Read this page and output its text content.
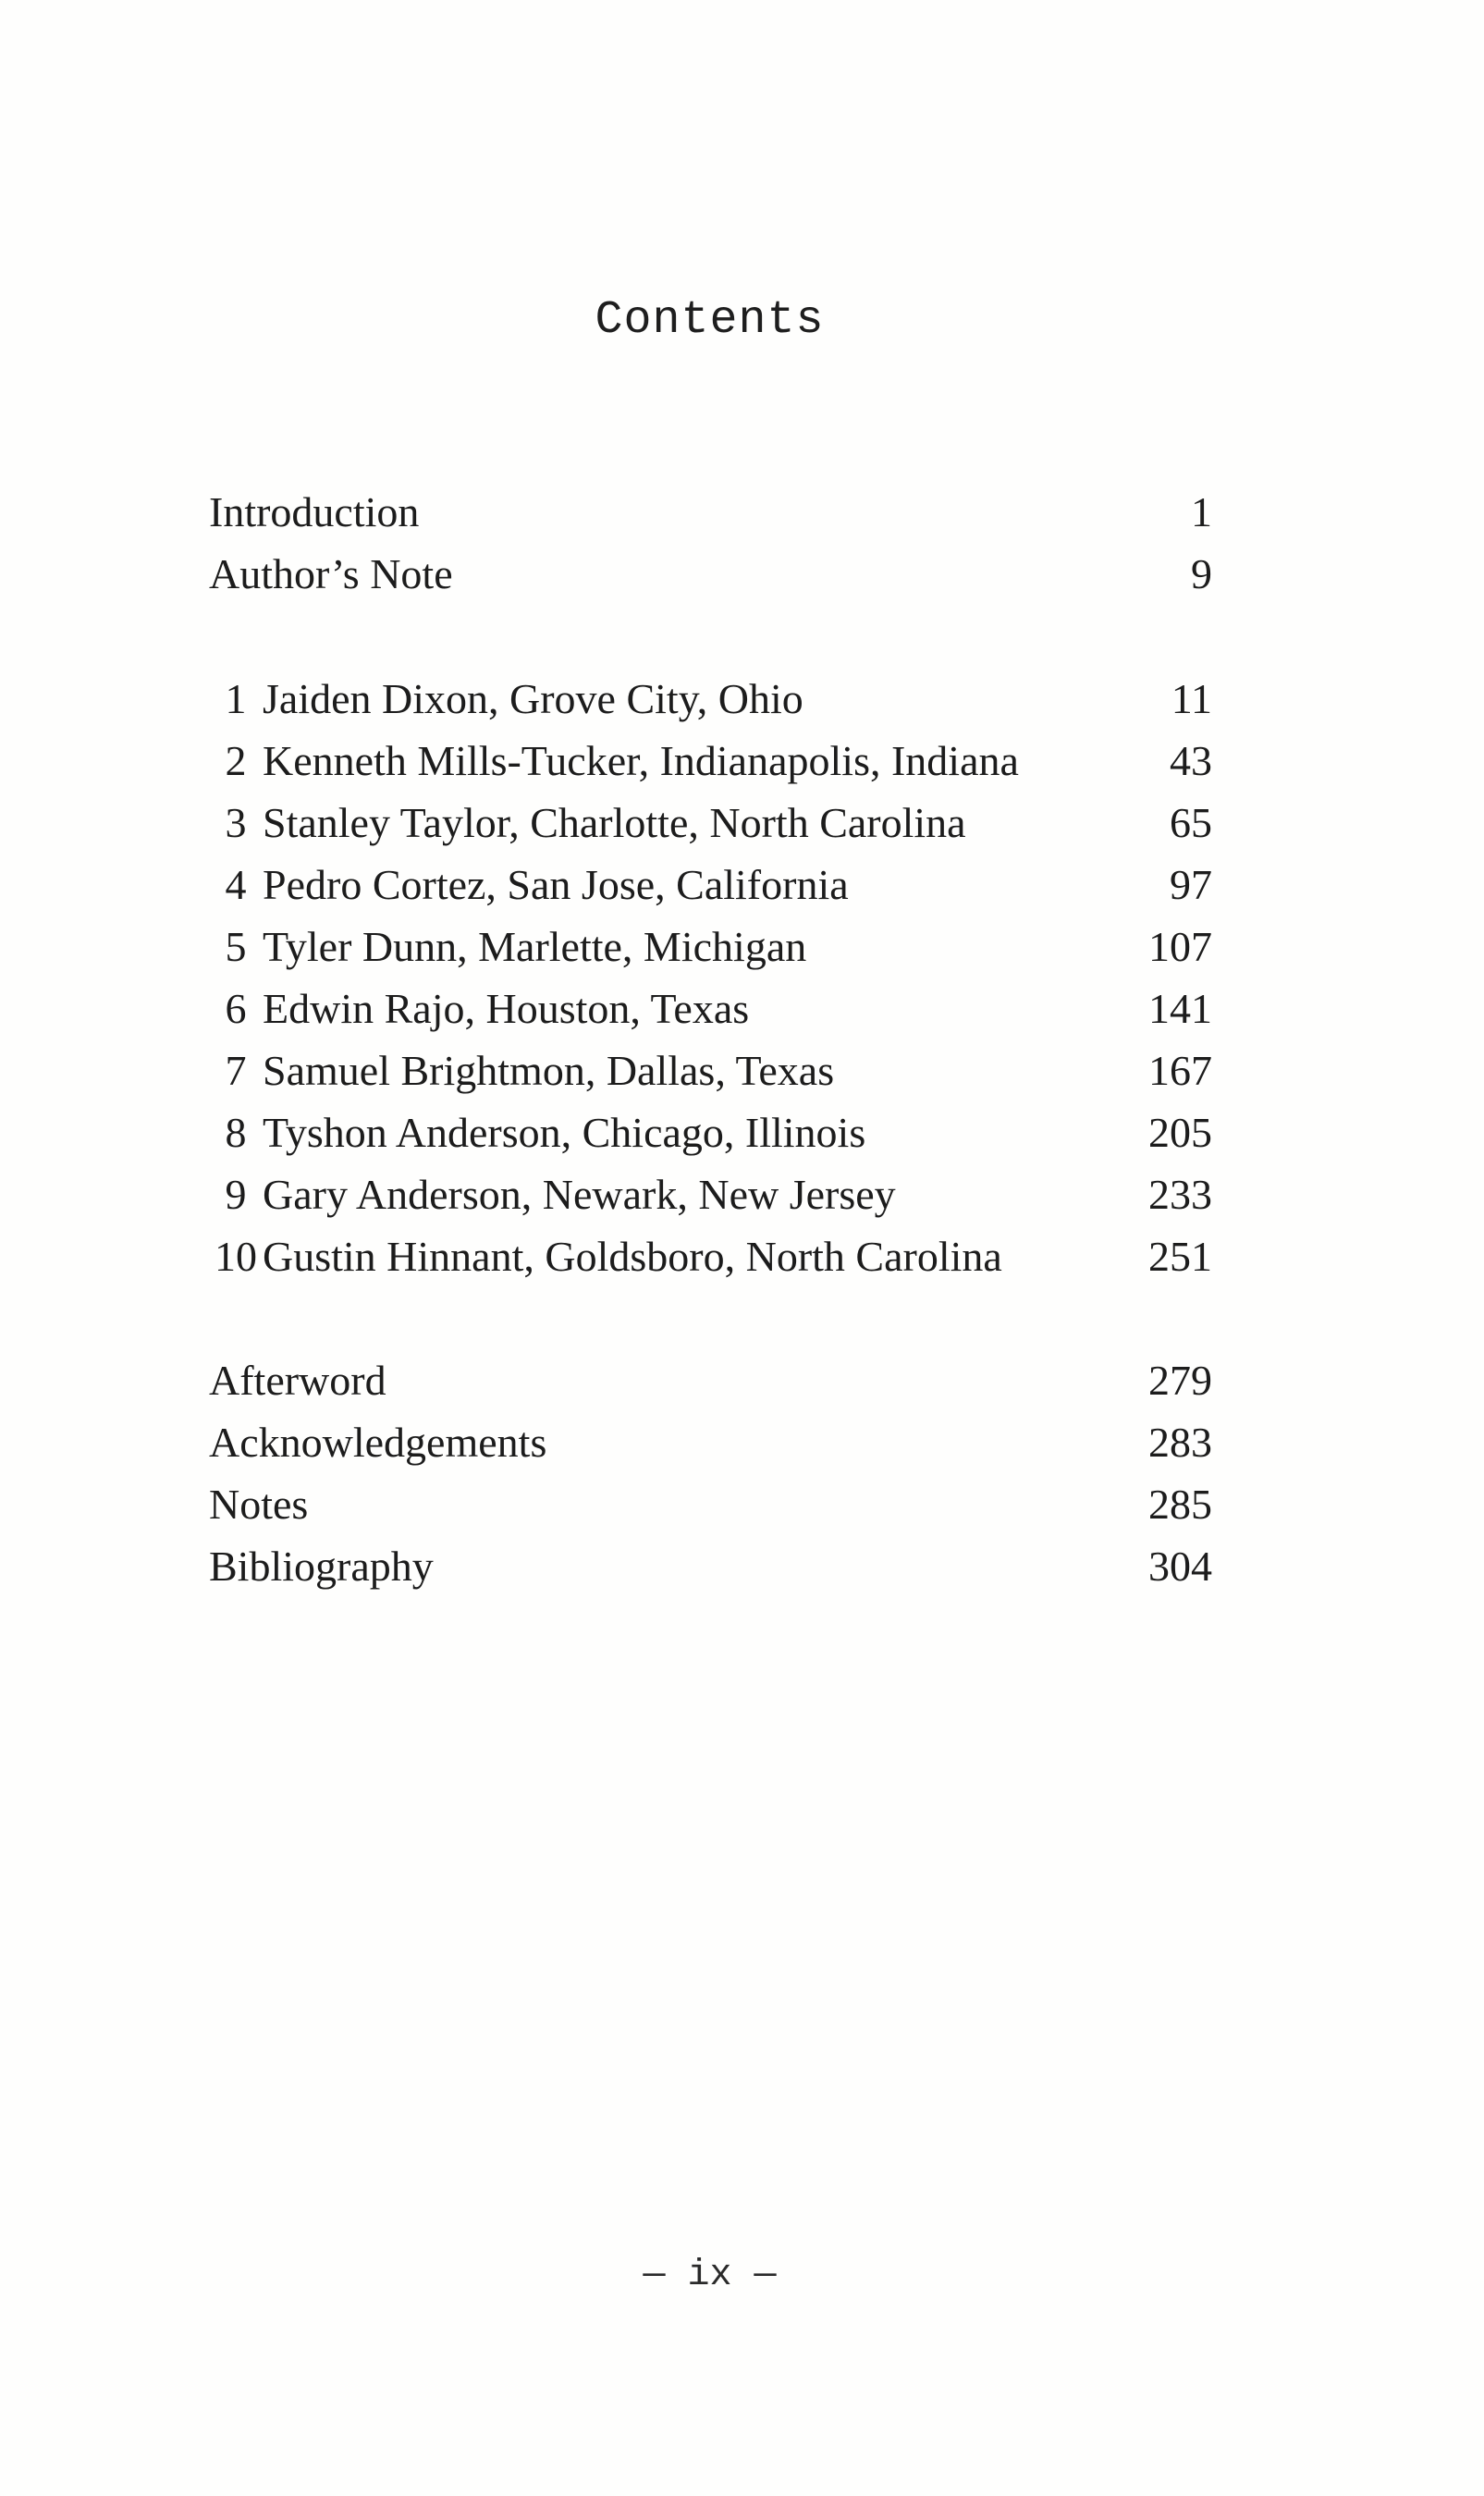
Contents
Introduction	1
Author’s Note	9
1 Jaiden Dixon, Grove City, Ohio	11
2 Kenneth Mills-Tucker, Indianapolis, Indiana	43
3 Stanley Taylor, Charlotte, North Carolina	65
4 Pedro Cortez, San Jose, California	97
5 Tyler Dunn, Marlette, Michigan	107
6 Edwin Rajo, Houston, Texas	141
7 Samuel Brightmon, Dallas, Texas	167
8 Tyshon Anderson, Chicago, Illinois	205
9 Gary Anderson, Newark, New Jersey	233
10 Gustin Hinnant, Goldsboro, North Carolina	251
Afterword	279
Acknowledgements	283
Notes	285
Bibliography	304
— ix —
